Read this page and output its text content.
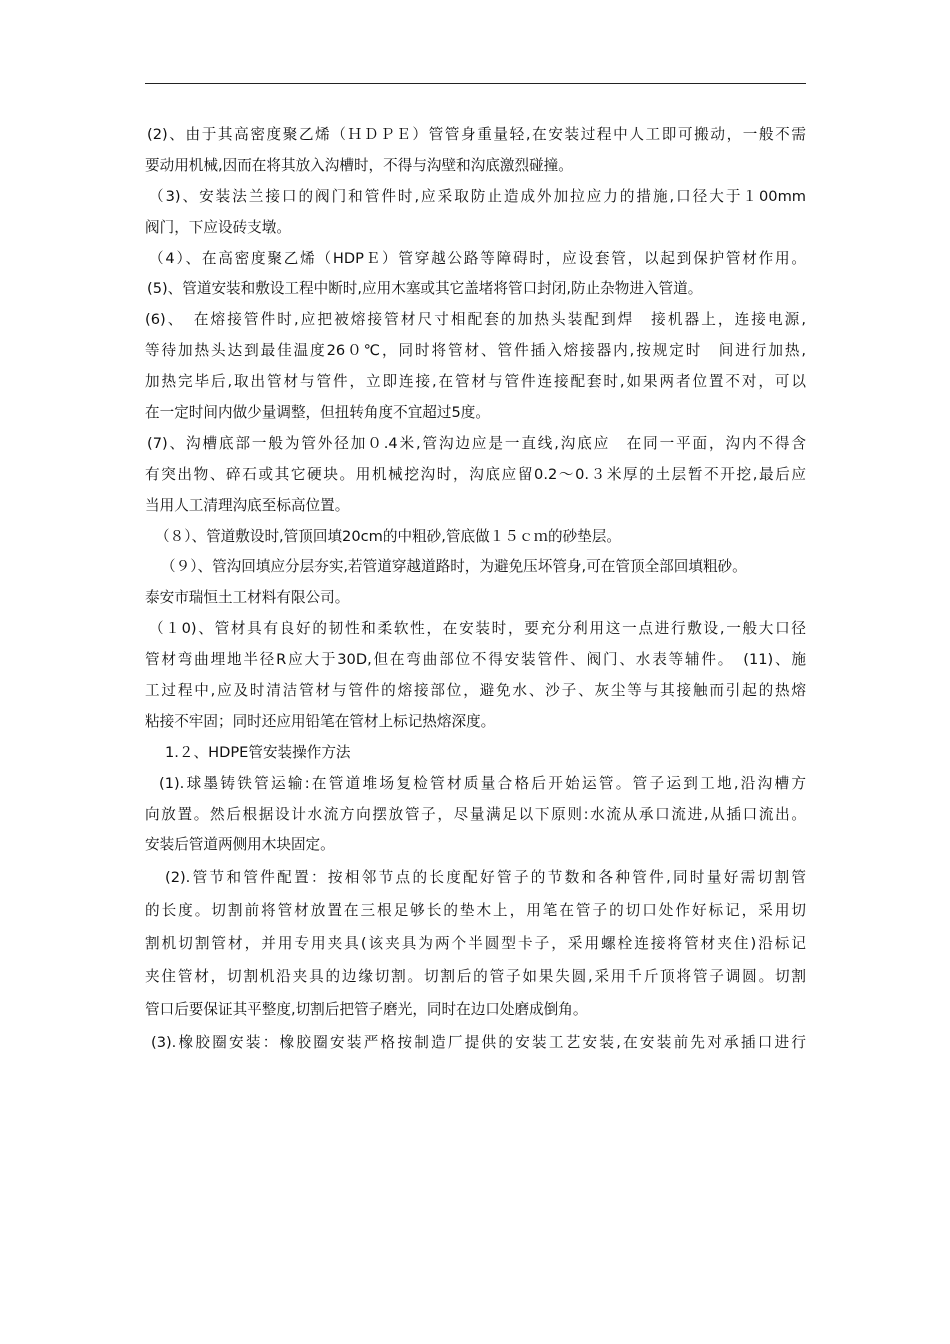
(2)、由于其高密度聚乙烯（ＨＤＰＥ）管管身重量轻,在安装过程中人工即可搬动，一般不需
要动用机械,因而在将其放入沟槽时，不得与沟壁和沟底激烈碰撞。
（3)、安装法兰接口的阀门和管件时,应采取防止造成外加拉应力的措施,口径大于１00mm
阀门，下应设砖支墩。
（4）、在高密度聚乙烯（HDPＥ）管穿越公路等障碍时，应设套管，以起到保护管材作用。
(5)、管道安装和敷设工程中断时,应用木塞或其它盖堵将管口封闭,防止杂物进入管道。
(6)、　在熔接管件时,应把被熔接管材尺寸相配套的加热头装配到焊　接机器上，连接电源,
等待加热头达到最佳温度26０℃，同时将管材、管件插入熔接器内,按规定时　间进行加热,
加热完毕后,取出管材与管件，立即连接,在管材与管件连接配套时,如果两者位置不对，可以
在一定时间内做少量调整，但扭转角度不宜超过5度。
(7)、沟槽底部一般为管外径加０.4米,管沟边应是一直线,沟底应　在同一平面，沟内不得含
有突出物、碎石或其它硬块。用机械挖沟时，沟底应留0.2～0.３米厚的土层暂不开挖,最后应
当用人工清理沟底至标高位置。
（８）、管道敷设时,管顶回填20cm的中粗砂,管底做１５ｃｍ的砂垫层。
（９）、管沟回填应分层夯实,若管道穿越道路时，为避免压坏管身,可在管顶全部回填粗砂。
泰安市瑞恒土工材料有限公司。
（１0)、管材具有良好的韧性和柔软性，在安装时，要充分利用这一点进行敷设,一般大口径
管材弯曲埋地半径R应大于30D,但在弯曲部位不得安装管件、阀门、水表等辅件。　(11)、施
工过程中,应及时清洁管材与管件的熔接部位，避免水、沙子、灰尘等与其接触而引起的热熔
粘接不牢固；同时还应用铅笔在管材上标记热熔深度。
1.２、HDPE管安装操作方法
(1).球墨铸铁管运输:在管道堆场复检管材质量合格后开始运管。管子运到工地,沿沟槽方
向放置。然后根据设计水流方向摆放管子，尽量满足以下原则:水流从承口流进,从插口流出。
安装后管道两侧用木块固定。
(2).管节和管件配置：按相邻节点的长度配好管子的节数和各种管件,同时量好需切割管
的长度。切割前将管材放置在三根足够长的垫木上，用笔在管子的切口处作好标记，采用切
割机切割管材，并用专用夹具(该夹具为两个半圆型卡子，采用螺栓连接将管材夹住)沿标记
夹住管材，切割机沿夹具的边缘切割。切割后的管子如果失圆,采用千斤顶将管子调圆。切割
管口后要保证其平整度,切割后把管子磨光，同时在边口处磨成倒角。
(3).橡胶圈安装：橡胶圈安装严格按制造厂提供的安装工艺安装,在安装前先对承插口进行
